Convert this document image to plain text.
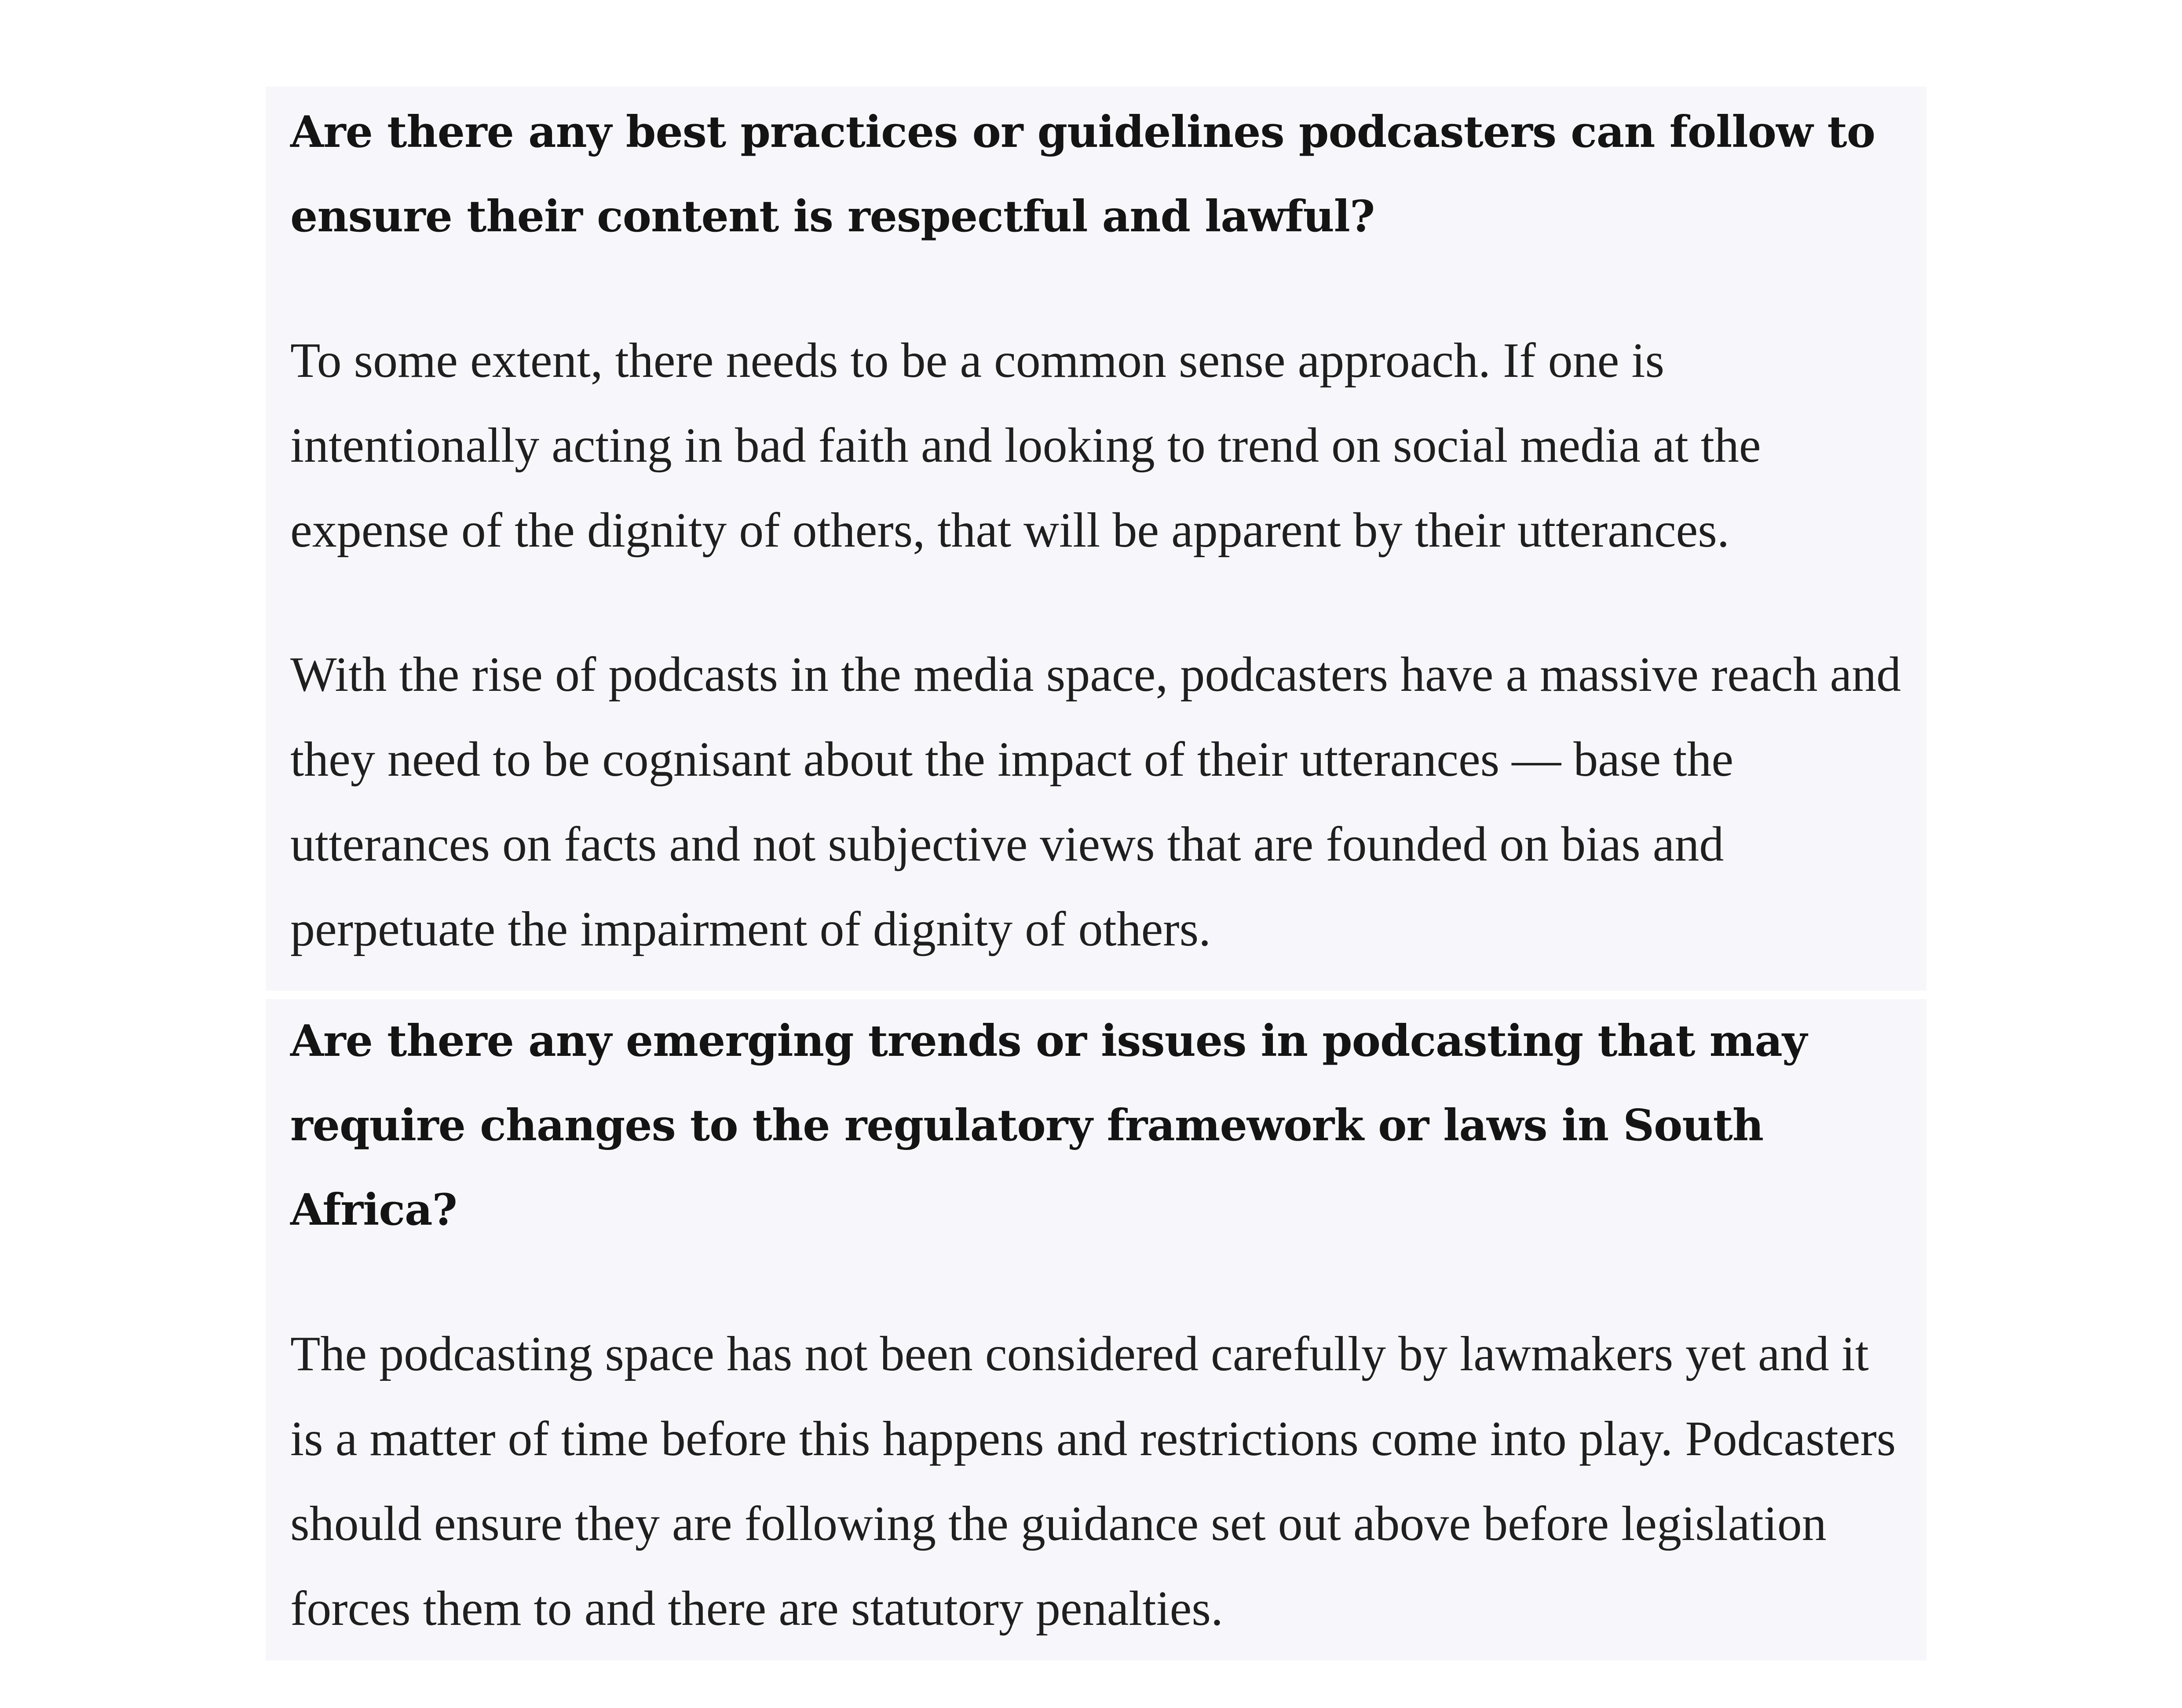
Are there any best practices or guidelines podcasters can follow to ensure their content is respectful and lawful?

To some extent, there needs to be a common sense approach. If one is intentionally acting in bad faith and looking to trend on social media at the expense of the dignity of others, that will be apparent by their utterances.

With the rise of podcasts in the media space, podcasters have a massive reach and they need to be cognisant about the impact of their utterances — base the utterances on facts and not subjective views that are founded on bias and perpetuate the impairment of dignity of others.

Are there any emerging trends or issues in podcasting that may require changes to the regulatory framework or laws in South Africa?

The podcasting space has not been considered carefully by lawmakers yet and it is a matter of time before this happens and restrictions come into play. Podcasters should ensure they are following the guidance set out above before legislation forces them to and there are statutory penalties.
